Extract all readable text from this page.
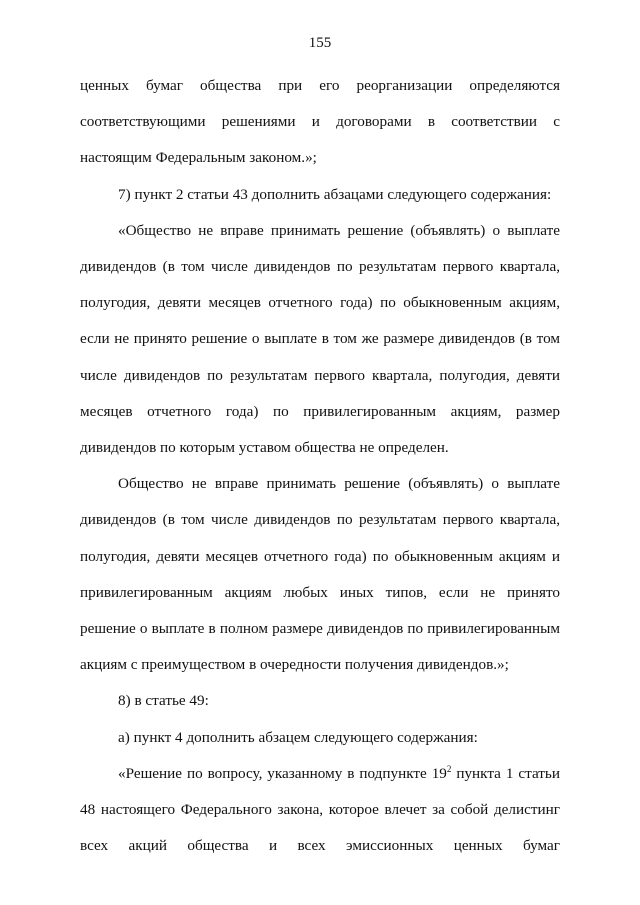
155

ценных бумаг общества при его реорганизации определяются соответствующими решениями и договорами в соответствии с настоящим Федеральным законом.»;

7) пункт 2 статьи 43 дополнить абзацами следующего содержания:

«Общество не вправе принимать решение (объявлять) о выплате дивидендов (в том числе дивидендов по результатам первого квартала, полугодия, девяти месяцев отчетного года) по обыкновенным акциям, если не принято решение о выплате в том же размере дивидендов (в том числе дивидендов по результатам первого квартала, полугодия, девяти месяцев отчетного года) по привилегированным акциям, размер дивидендов по которым уставом общества не определен.

Общество не вправе принимать решение (объявлять) о выплате дивидендов (в том числе дивидендов по результатам первого квартала, полугодия, девяти месяцев отчетного года) по обыкновенным акциям и привилегированным акциям любых иных типов, если не принято решение о выплате в полном размере дивидендов по привилегированным акциям с преимуществом в очередности получения дивидендов.»;

8) в статье 49:

а) пункт 4 дополнить абзацем следующего содержания:

«Решение по вопросу, указанному в подпункте $19^2$ пункта 1 статьи 48 настоящего Федерального закона, которое влечет за собой делистинг всех акций общества и всех эмиссионных ценных бумаг
